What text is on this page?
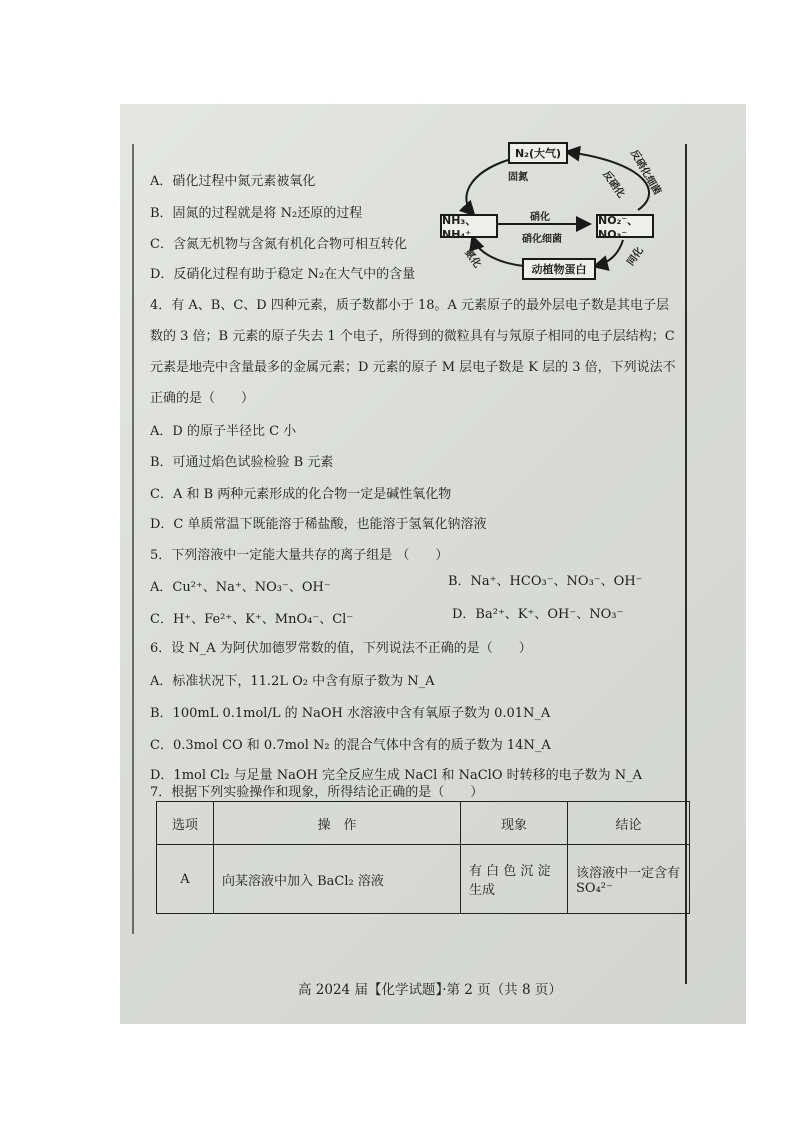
A．硝化过程中氮元素被氧化
B．固氮的过程就是将 N₂还原的过程
C．含氮无机物与含氮有机化合物可相互转化
D．反硝化过程有助于稳定 N₂在大气中的含量
N₂(大气)
NH₃、NH₄⁺
NO₂⁻、NO₃⁻
动植物蛋白
固氮
硝化
硝化细菌
反硝化 反硝化细菌
氨化	同化
4．有 A、B、C、D 四种元素，质子数都小于 18。A 元素原子的最外层电子数是其电子层
数的 3 倍；B 元素的原子失去 1 个电子，所得到的微粒具有与氖原子相同的电子层结构；C
元素是地壳中含量最多的金属元素；D 元素的原子 M 层电子数是 K 层的 3 倍，下列说法不
正确的是（　　）
A．D 的原子半径比 C 小
B．可通过焰色试验检验 B 元素
C．A 和 B 两种元素形成的化合物一定是碱性氧化物
D．C 单质常温下既能溶于稀盐酸，也能溶于氢氧化钠溶液
5．下列溶液中一定能大量共存的离子组是 （　　）
A．Cu²⁺、Na⁺、NO₃⁻、OH⁻	B．Na⁺、HCO₃⁻、NO₃⁻、OH⁻
C．H⁺、Fe²⁺、K⁺、MnO₄⁻、Cl⁻	D．Ba²⁺、K⁺、OH⁻、NO₃⁻
6．设 N_A 为阿伏加德罗常数的值，下列说法不正确的是（　　）
A．标准状况下，11.2L O₂ 中含有原子数为 N_A
B．100mL 0.1mol/L 的 NaOH 水溶液中含有氧原子数为 0.01N_A
C．0.3mol CO 和 0.7mol N₂ 的混合气体中含有的质子数为 14N_A
D．1mol Cl₂ 与足量 NaOH 完全反应生成 NaCl 和 NaClO 时转移的电子数为 N_A
7．根据下列实验操作和现象，所得结论正确的是（　　）
选项	操　作	现象	结论
A	向某溶液中加入 BaCl₂ 溶液	有 白 色 沉 淀 生成	该溶液中一定含有 SO₄²⁻
高 2024 届【化学试题】·第 2 页（共 8 页）
